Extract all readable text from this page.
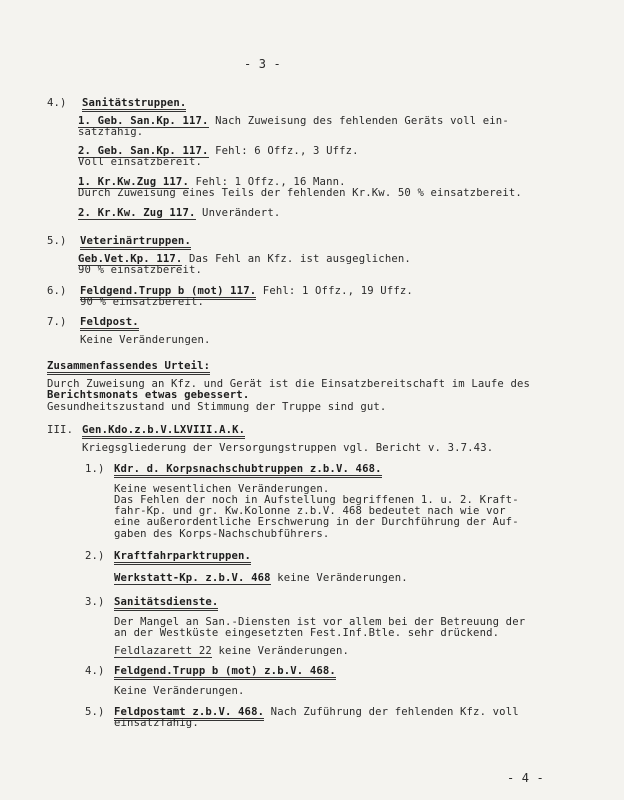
- 3 -
4.) Sanitätstruppen.
1. Geb. San.Kp. 117. Nach Zuweisung des fehlenden Geräts voll ein-
satzfähig.
2. Geb. San.Kp. 117. Fehl: 6 Offz., 3 Uffz.
Voll einsatzbereit.
1. Kr.Kw.Zug 117. Fehl: 1 Offz., 16 Mann.
Durch Zuweisung eines Teils der fehlenden Kr.Kw. 50 % einsatzbereit.
2. Kr.Kw. Zug 117. Unverändert.
5.) Veterinärtruppen.
Geb.Vet.Kp. 117. Das Fehl an Kfz. ist ausgeglichen.
90 % einsatzbereit.
6.) Feldgend.Trupp b (mot) 117. Fehl: 1 Offz., 19 Uffz.
90 % einsatzbereit.
7.) Feldpost.
Keine Veränderungen.
Zusammenfassendes Urteil:
Durch Zuweisung an Kfz. und Gerät ist die Einsatzbereitschaft im Laufe des
Berichtsmonats etwas gebessert.
Gesundheitszustand und Stimmung der Truppe sind gut.
III. Gen.Kdo.z.b.V.LXVIII.A.K.
Kriegsgliederung der Versorgungstruppen vgl. Bericht v. 3.7.43.
1.) Kdr. d. Korpsnachschubtruppen z.b.V. 468.
Keine wesentlichen Veränderungen.
Das Fehlen der noch in Aufstellung begriffenen 1. u. 2. Kraft-
fahr-Kp. und gr. Kw.Kolonne z.b.V. 468 bedeutet nach wie vor
eine außerordentliche Erschwerung in der Durchführung der Auf-
gaben des Korps-Nachschubführers.
2.) Kraftfahrparktruppen.
Werkstatt-Kp. z.b.V. 468 keine Veränderungen.
3.) Sanitätsdienste.
Der Mangel an San.-Diensten ist vor allem bei der Betreuung der
an der Westküste eingesetzten Fest.Inf.Btle. sehr drückend.
Feldlazarett 22 keine Veränderungen.
4.) Feldgend.Trupp b (mot) z.b.V. 468.
Keine Veränderungen.
5.) Feldpostamt z.b.V. 468. Nach Zuführung der fehlenden Kfz. voll
einsatzfähig.
- 4 -
